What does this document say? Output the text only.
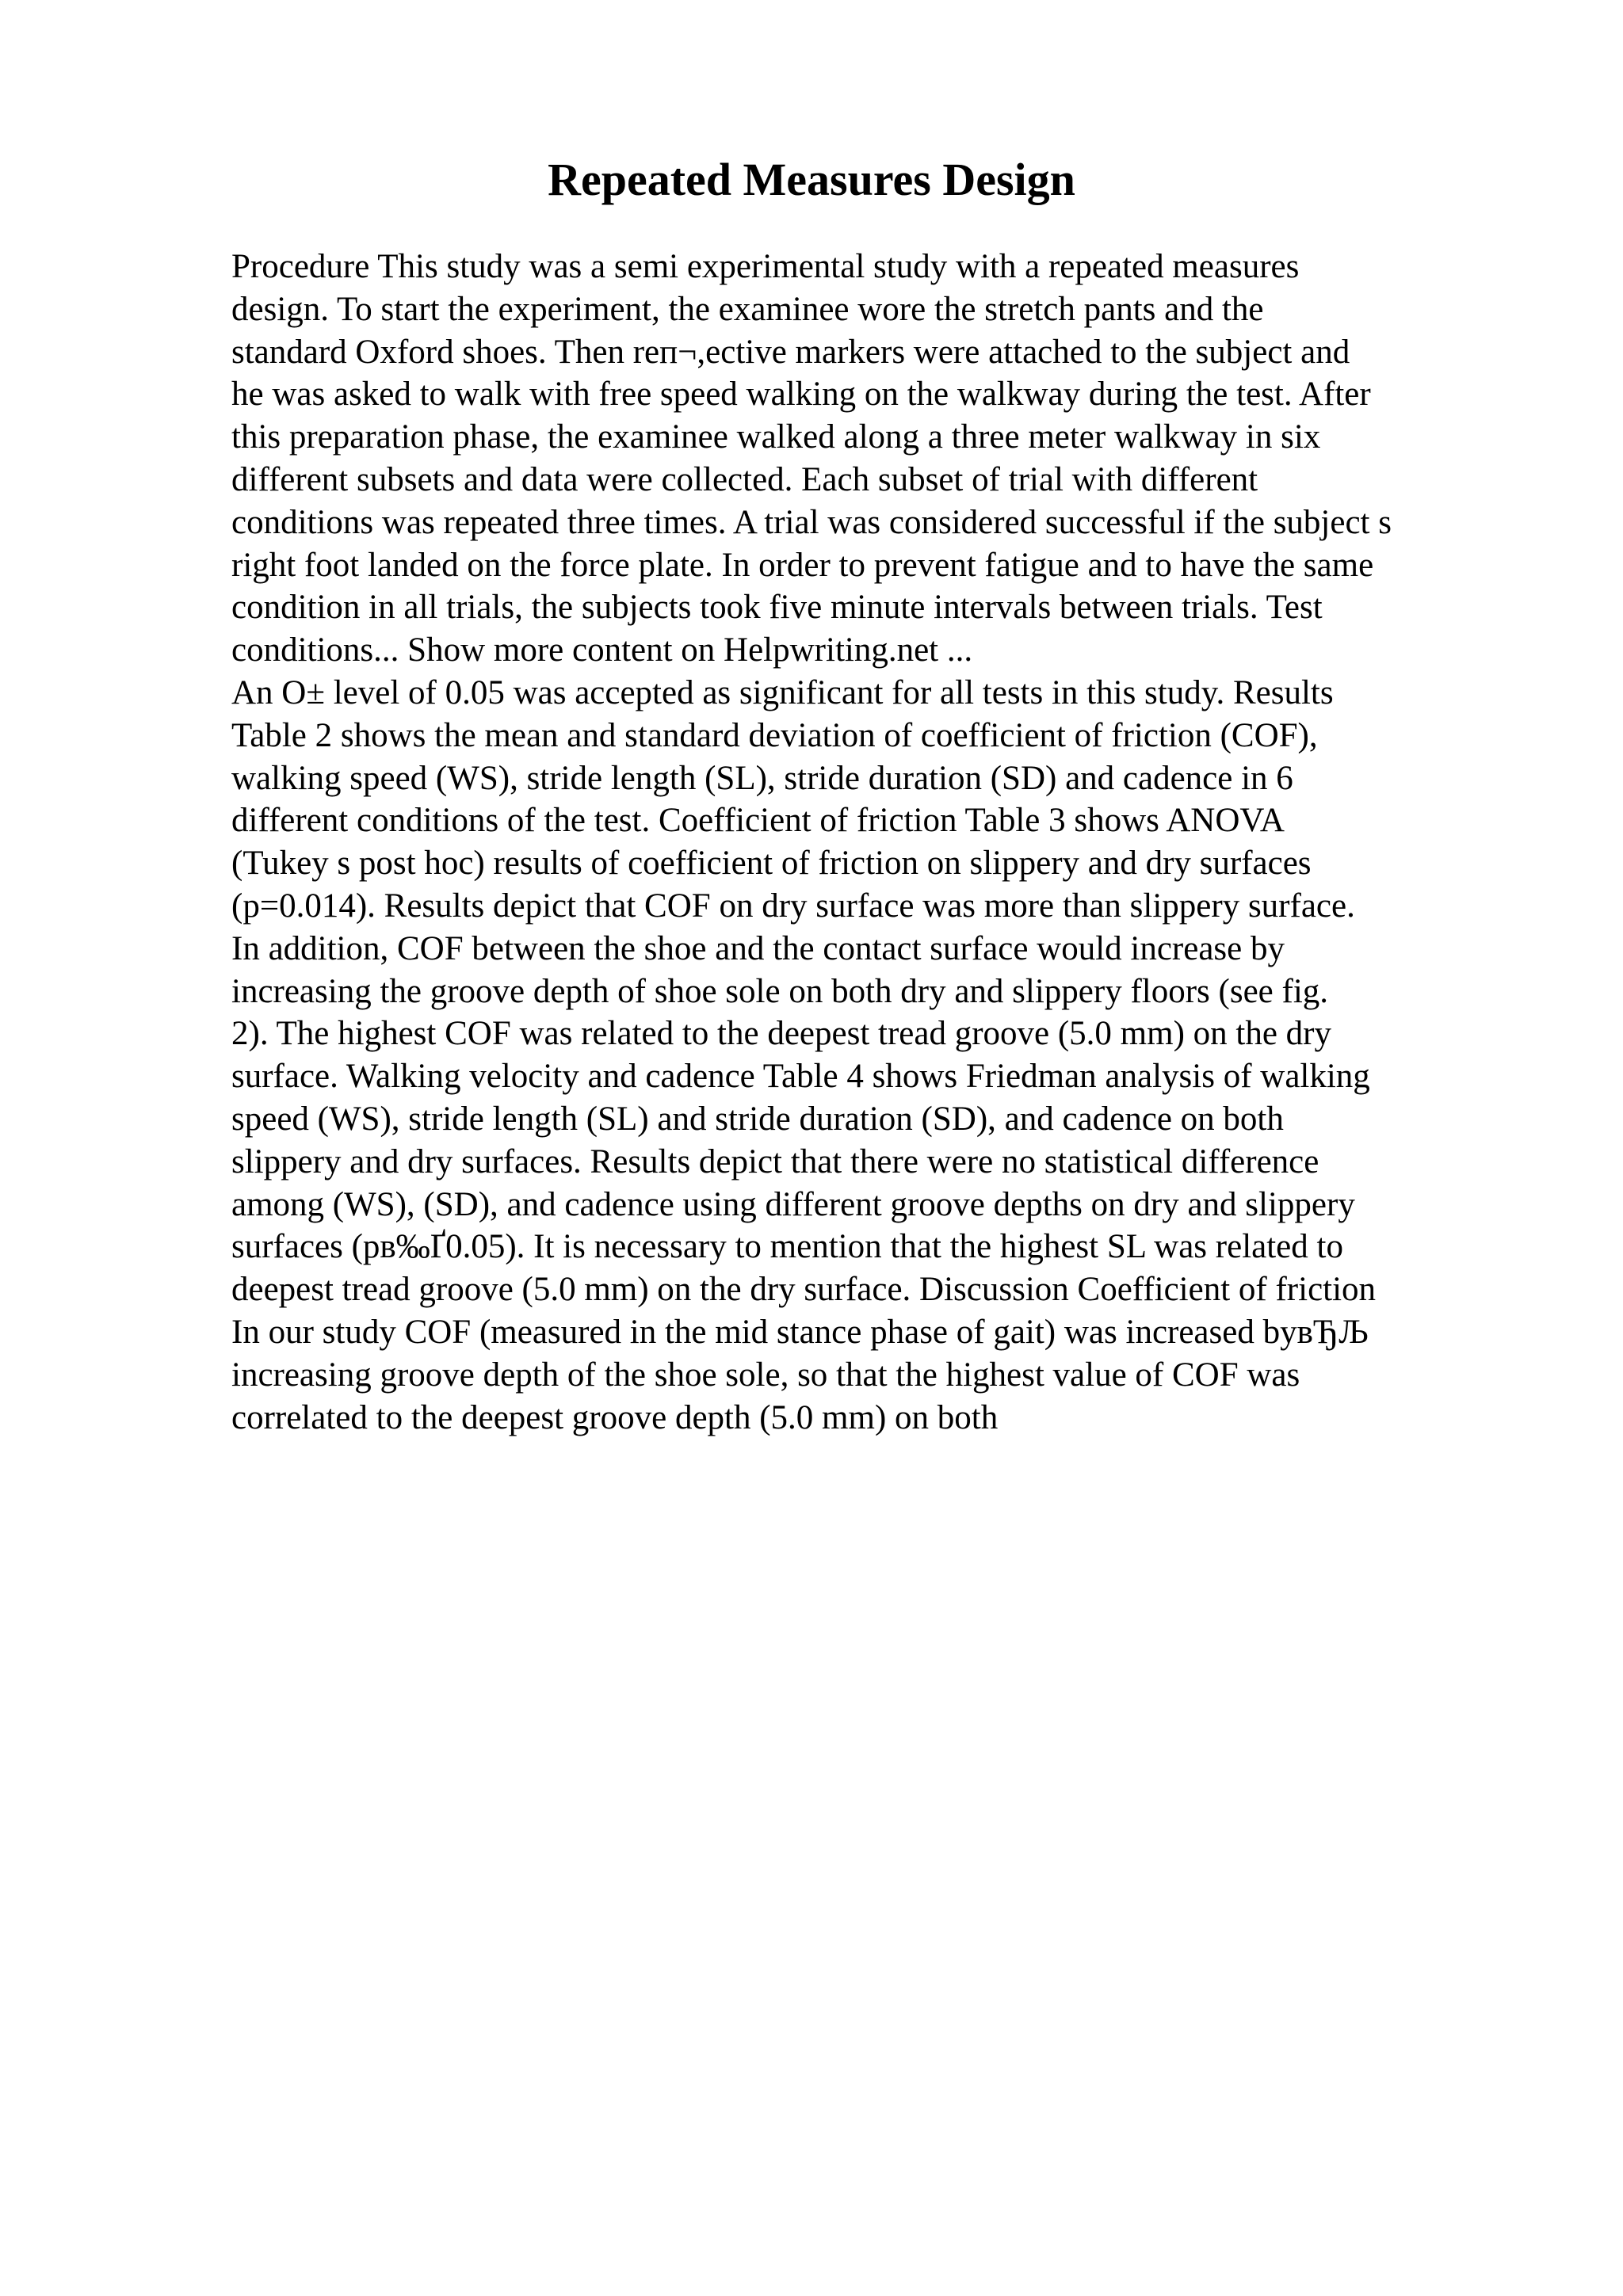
Repeated Measures Design
Procedure This study was a semi experimental study with a repeated measures
design. To start the experiment, the examinee wore the stretch pants and the
standard Oxford shoes. Then reп¬,ective markers were attached to the subject and
he was asked to walk with free speed walking on the walkway during the test. After
this preparation phase, the examinee walked along a three meter walkway in six
different subsets and data were collected. Each subset of trial with different
conditions was repeated three times. A trial was considered successful if the subject s
right foot landed on the force plate. In order to prevent fatigue and to have the same
condition in all trials, the subjects took five minute intervals between trials. Test
conditions... Show more content on Helpwriting.net ...
An О± level of 0.05 was accepted as significant for all tests in this study. Results
Table 2 shows the mean and standard deviation of coefficient of friction (COF),
walking speed (WS), stride length (SL), stride duration (SD) and cadence in 6
different conditions of the test. Coefficient of friction Table 3 shows ANOVA
(Tukey s post hoc) results of coefficient of friction on slippery and dry surfaces
(p=0.014). Results depict that COF on dry surface was more than slippery surface.
In addition, COF between the shoe and the contact surface would increase by
increasing the groove depth of shoe sole on both dry and slippery floors (see fig.
2). The highest COF was related to the deepest tread groove (5.0 mm) on the dry
surface. Walking velocity and cadence Table 4 shows Friedman analysis of walking
speed (WS), stride length (SL) and stride duration (SD), and cadence on both
slippery and dry surfaces. Results depict that there were no statistical difference
among (WS), (SD), and cadence using different groove depths on dry and slippery
surfaces (pв‰Ґ0.05). It is necessary to mention that the highest SL was related to
deepest tread groove (5.0 mm) on the dry surface. Discussion Coefficient of friction
In our study COF (measured in the mid stance phase of gait) was increased byвЂЉ
increasing groove depth of the shoe sole, so that the highest value of COF was
correlated to the deepest groove depth (5.0 mm) on both
